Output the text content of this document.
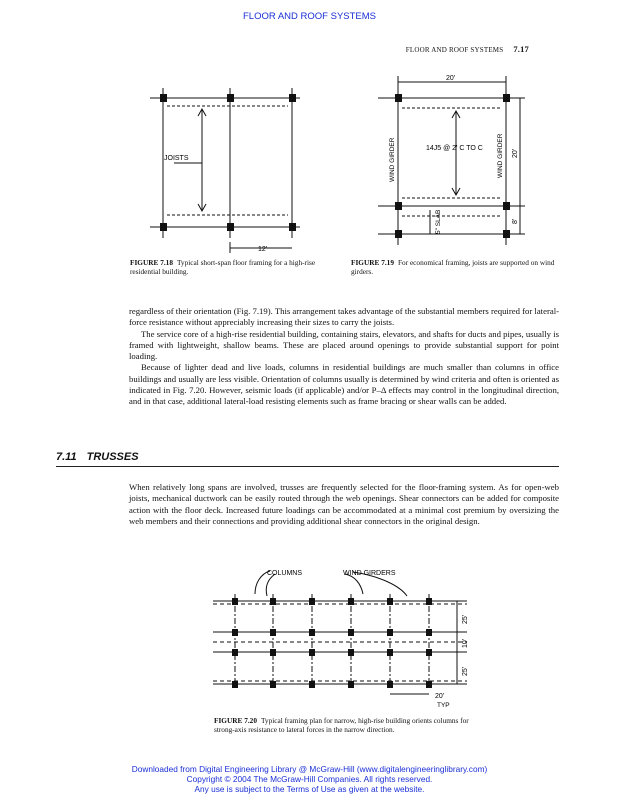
FLOOR AND ROOF SYSTEMS
FLOOR AND ROOF SYSTEMS 7.17
JOISTS
12'
FIGURE 7.18 Typical short-span floor framing for a high-rise residential building.
20'
14J5 @ 2' C TO C
WIND GIRDER	WIND GIRDER 20'
8'
5" SLAB
FIGURE 7.19 For economical framing, joists are supported on wind girders.

regardless of their orientation (Fig. 7.19). This arrangement takes advantage of the substantial members required for lateral-force resistance without appreciably increasing their sizes to carry the joists.

The service core of a high-rise residential building, containing stairs, elevators, and shafts for ducts and pipes, usually is framed with lightweight, shallow beams. These are placed around openings to provide substantial support for point loading.

Because of lighter dead and live loads, columns in residential buildings are much smaller than columns in office buildings and usually are less visible. Orientation of columns usually is determined by wind criteria and often is oriented as indicated in Fig. 7.20. However, seismic loads (if applicable) and/or P–Δ effects may control in the longitudinal direction, and in that case, additional lateral-load resisting elements such as frame bracing or shear walls can be added.

7.11 TRUSSES

When relatively long spans are involved, trusses are frequently selected for the floor-framing system. As for open-web joists, mechanical ductwork can be easily routed through the web openings. Shear connectors can be added for composite action with the floor deck. Increased future loadings can be accommodated at a minimal cost premium by oversizing the web members and their connections and providing additional shear connectors in the original design.

COLUMNS	WIND GIRDERS
25'
10'
25'
20'
TYP
FIGURE 7.20 Typical framing plan for narrow, high-rise building orients columns for strong-axis resistance to lateral forces in the narrow direction.
Downloaded from Digital Engineering Library @ McGraw-Hill (www.digitalengineeringlibrary.com)
Copyright © 2004 The McGraw-Hill Companies. All rights reserved.
Any use is subject to the Terms of Use as given at the website.
